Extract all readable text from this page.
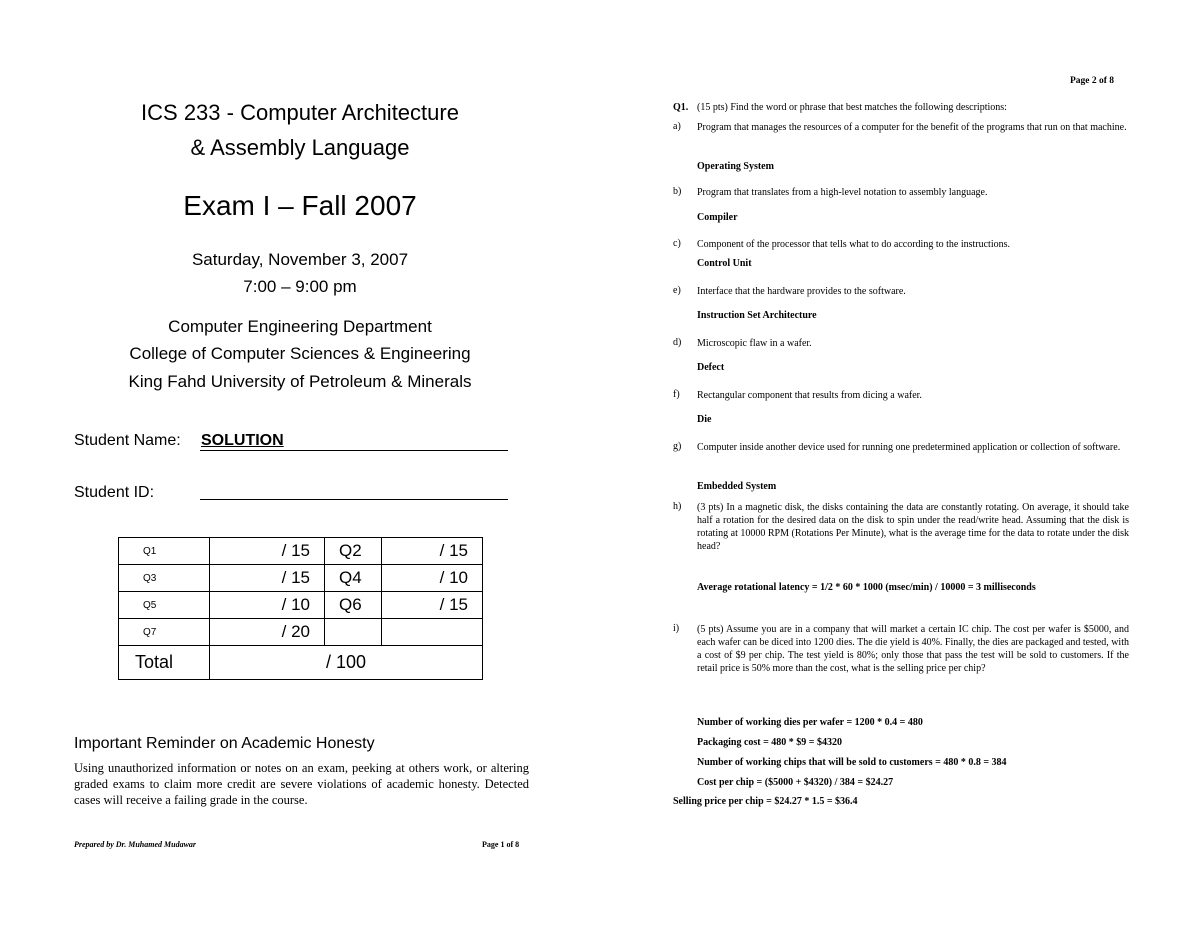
ICS 233 - Computer Architecture
& Assembly Language
Exam I – Fall 2007
Saturday, November 3, 2007
7:00 – 9:00 pm
Computer Engineering Department
College of Computer Sciences & Engineering
King Fahd University of Petroleum & Minerals
Student Name: SOLUTION
Student ID:
Q1	/ 15	Q2	/ 15
Q3	/ 15	Q4	/ 10
Q5	/ 10	Q6	/ 15
Q7	/ 20		
Total	/ 100		
Important Reminder on Academic Honesty
Using unauthorized information or notes on an exam, peeking at others work, or altering graded exams to claim more credit are severe violations of academic honesty. Detected cases will receive a failing grade in the course.
Prepared by Dr. Muhamed Mudawar	Page 1 of 8
Page 2 of 8
Q1. (15 pts) Find the word or phrase that best matches the following descriptions:
a) Program that manages the resources of a computer for the benefit of the programs that run on that machine.
Operating System
b) Program that translates from a high-level notation to assembly language.
Compiler
c) Component of the processor that tells what to do according to the instructions.
Control Unit
e) Interface that the hardware provides to the software.
Instruction Set Architecture
d) Microscopic flaw in a wafer.
Defect
f) Rectangular component that results from dicing a wafer.
Die
g) Computer inside another device used for running one predetermined application or collection of software.
Embedded System
h) (3 pts) In a magnetic disk, the disks containing the data are constantly rotating. On average, it should take half a rotation for the desired data on the disk to spin under the read/write head. Assuming that the disk is rotating at 10000 RPM (Rotations Per Minute), what is the average time for the data to rotate under the disk head?
Average rotational latency = 1/2 * 60 * 1000 (msec/min) / 10000 = 3 milliseconds
i) (5 pts) Assume you are in a company that will market a certain IC chip. The cost per wafer is $5000, and each wafer can be diced into 1200 dies. The die yield is 40%. Finally, the dies are packaged and tested, with a cost of $9 per chip. The test yield is 80%; only those that pass the test will be sold to customers. If the retail price is 50% more than the cost, what is the selling price per chip?
Number of working dies per wafer = 1200 * 0.4 = 480
Packaging cost = 480 * $9 = $4320
Number of working chips that will be sold to customers = 480 * 0.8 = 384
Cost per chip = ($5000 + $4320) / 384 = $24.27
Selling price per chip = $24.27 * 1.5 = $36.4
